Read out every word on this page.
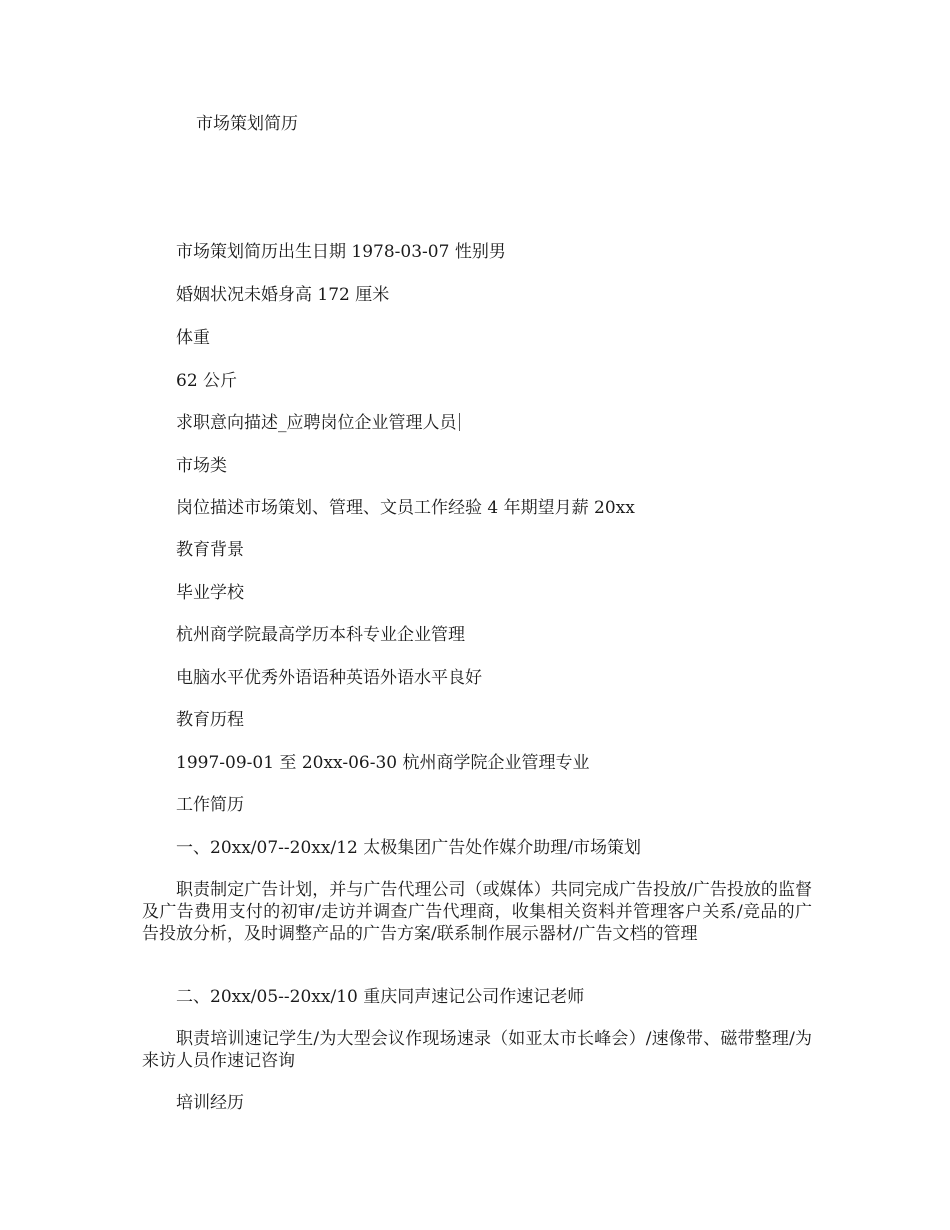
市场策划简历

市场策划简历出生日期 1978-03-07 性别男

婚姻状况未婚身高 172 厘米

体重

62 公斤

求职意向描述_应聘岗位企业管理人员

市场类

岗位描述市场策划、管理、文员工作经验 4 年期望月薪 20xx

教育背景

毕业学校

杭州商学院最高学历本科专业企业管理

电脑水平优秀外语语种英语外语水平良好

教育历程

1997-09-01 至 20xx-06-30 杭州商学院企业管理专业

工作简历

一、20xx/07--20xx/12 太极集团广告处作媒介助理/市场策划

职责制定广告计划，并与广告代理公司（或媒体）共同完成广告投放/广告投放的监督及广告费用支付的初审/走访并调查广告代理商，收集相关资料并管理客户关系/竞品的广告投放分析，及时调整产品的广告方案/联系制作展示器材/广告文档的管理

二、20xx/05--20xx/10 重庆同声速记公司作速记老师

职责培训速记学生/为大型会议作现场速录（如亚太市长峰会）/速像带、磁带整理/为来访人员作速记咨询

培训经历
